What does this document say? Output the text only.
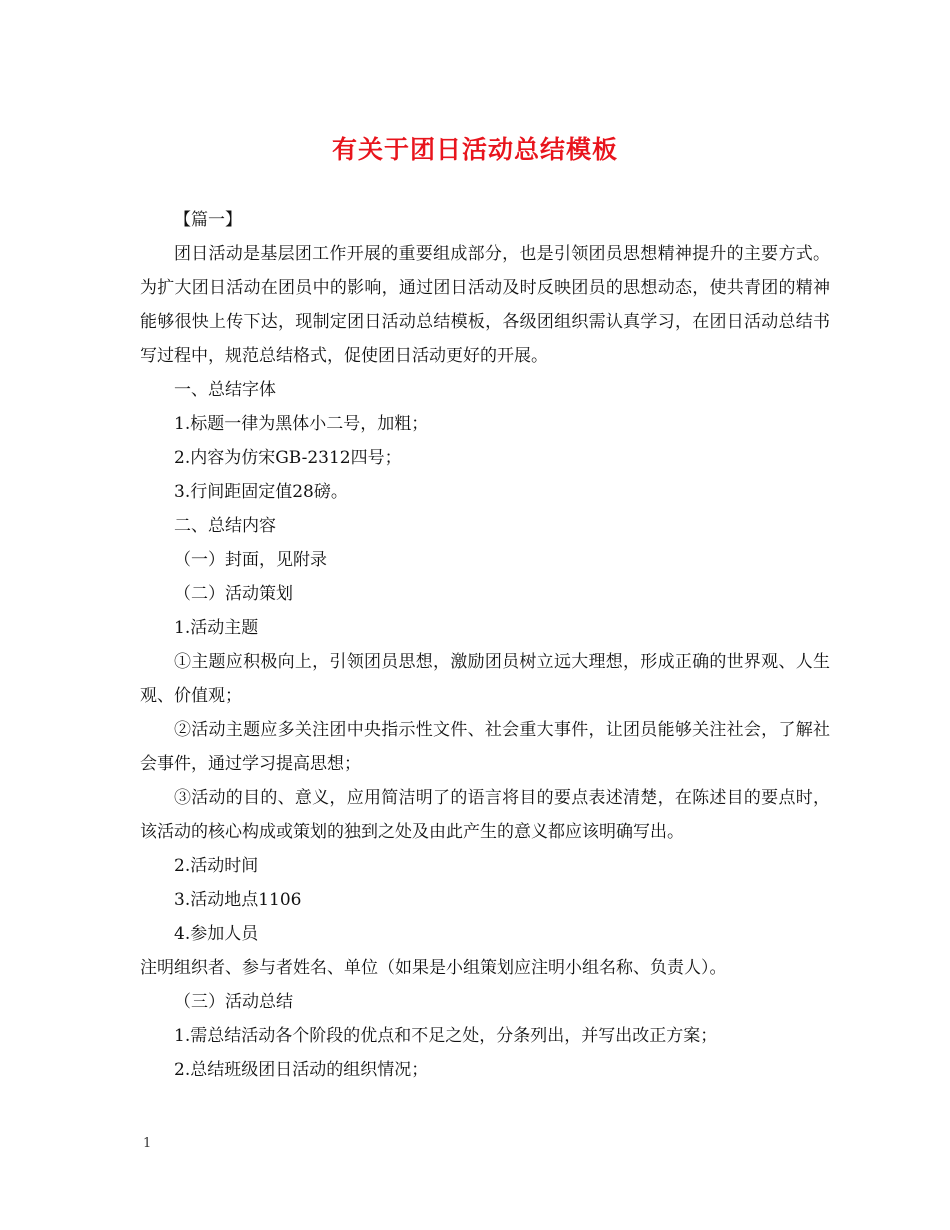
有关于团日活动总结模板

【篇一】

团日活动是基层团工作开展的重要组成部分，也是引领团员思想精神提升的主要方式。为扩大团日活动在团员中的影响，通过团日活动及时反映团员的思想动态，使共青团的精神能够很快上传下达，现制定团日活动总结模板，各级团组织需认真学习，在团日活动总结书写过程中，规范总结格式，促使团日活动更好的开展。

一、总结字体

1.标题一律为黑体小二号，加粗；

2.内容为仿宋GB-2312四号；

3.行间距固定值28磅。

二、总结内容

（一）封面，见附录

（二）活动策划

1.活动主题

①主题应积极向上，引领团员思想，激励团员树立远大理想，形成正确的世界观、人生观、价值观；

②活动主题应多关注团中央指示性文件、社会重大事件，让团员能够关注社会，了解社会事件，通过学习提高思想；

③活动的目的、意义，应用简洁明了的语言将目的要点表述清楚，在陈述目的要点时，该活动的核心构成或策划的独到之处及由此产生的意义都应该明确写出。

2.活动时间

3.活动地点1106

4.参加人员

注明组织者、参与者姓名、单位（如果是小组策划应注明小组名称、负责人）。

（三）活动总结

1.需总结活动各个阶段的优点和不足之处，分条列出，并写出改正方案；

2.总结班级团日活动的组织情况；

1
